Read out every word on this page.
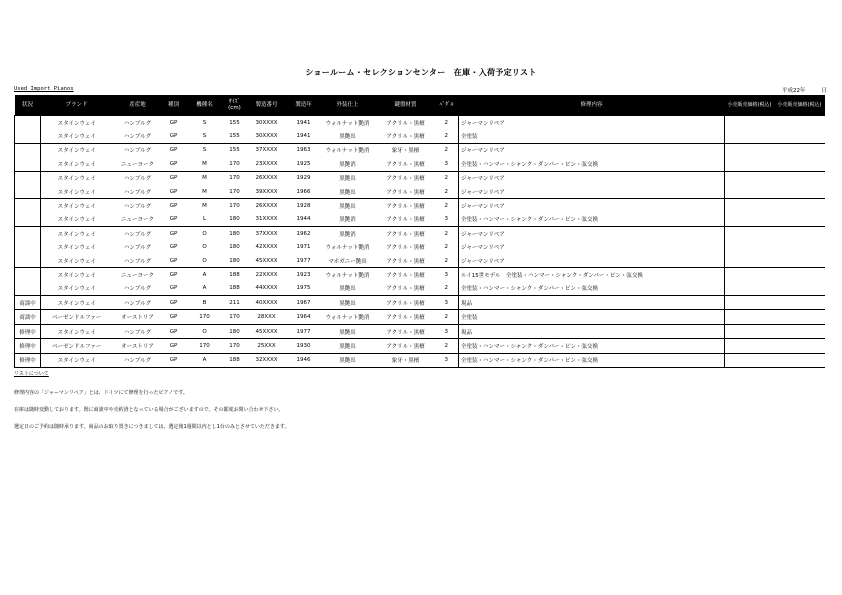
ショールーム・セレクションセンター　在庫・入荷予定リスト
Used Import Pianos	平成22年	日
状況	ブランド	産産地	種別	機種名	ｻｲｽﾞ(cm)	製造番号	製造年	外装仕上	鍵盤材質	ﾍﾟﾀﾞﾙ	修理内容	小売販売価格(税込)	小売販売価格(税込)
	スタインウェイ	ハンブルグ	GP	S	155	30XXXX	1941	ウォルナット艶消	アクリル・黒檀	2	ジャーマンリペア		
	スタインウェイ	ハンブルグ	GP	S	155	30XXXX	1941	黒艶出	アクリル・黒檀	2	全塗装		
	スタインウェイ	ハンブルグ	GP	S	155	37XXXX	1963	ウォルナット艶消	象牙・黒檀	2	ジャーマンリペア		
	スタインウェイ	ニューヨーク	GP	M	170	23XXXX	1925	黒艶消	アクリル・黒檀	3	全塗装・ハンマー・シャンク・ダンパー・ピン・弦交換		
	スタインウェイ	ハンブルグ	GP	M	170	26XXXX	1929	黒艶出	アクリル・黒檀	2	ジャーマンリペア		
	スタインウェイ	ハンブルグ	GP	M	170	39XXXX	1966	黒艶出	アクリル・黒檀	2	ジャーマンリペア		
	スタインウェイ	ハンブルグ	GP	M	170	26XXXX	1928	黒艶出	アクリル・黒檀	2	ジャーマンリペア		
	スタインウェイ	ニューヨーク	GP	L	180	31XXXX	1944	黒艶消	アクリル・黒檀	3	全塗装・ハンマー・シャンク・ダンパー・ピン・弦交換		
	スタインウェイ	ハンブルグ	GP	O	180	37XXXX	1962	黒艶消	アクリル・黒檀	2	ジャーマンリペア		
	スタインウェイ	ハンブルグ	GP	O	180	42XXXX	1971	ウォルナット艶消	アクリル・黒檀	2	ジャーマンリペア		
	スタインウェイ	ハンブルグ	GP	O	180	45XXXX	1977	マホガニー艶出	アクリル・黒檀	2	ジャーマンリペア		
	スタインウェイ	ニューヨーク	GP	A	188	22XXXX	1923	ウォルナット艶消	アクリル・黒檀	3	ルイ15世モデル　全塗装・ハンマー・シャンク・ダンパー・ピン・弦交換		
	スタインウェイ	ハンブルグ	GP	A	188	44XXXX	1975	黒艶出	アクリル・黒檀	2	全塗装・ハンマー・シャンク・ダンパー・ピン・弦交換		
商談中	スタインウェイ	ハンブルグ	GP	B	211	40XXXX	1967	黒艶出	アクリル・黒檀	3	現品		
商談中	ベーゼンドルファー	オーストリア	GP	170	170	28XXX	1964	ウォルナット艶消	アクリル・黒檀	2	全塗装		
修理中	スタインウェイ	ハンブルグ	GP	O	180	45XXXX	1977	黒艶出	アクリル・黒檀	3	現品		
修理中	ベーゼンドルファー	オーストリア	GP	170	170	25XXX	1930	黒艶出	アクリル・黒檀	2	全塗装・ハンマー・シャンク・ダンパー・ピン・弦交換		
修理中	スタインウェイ	ハンブルグ	GP	A	188	32XXXX	1946	黒艶出	象牙・黒檀	3	全塗装・ハンマー・シャンク・ダンパー・ピン・弦交換		
リストについて
修理内容の「ジャーマンリペア」とは、ドイツにて修理を行ったピアノです。
在庫は随時変動しております。既に商談中や売約済となっている場合がございますので、その都度お問い合わせ下さい。
選定日のご予約は随時承ります。商品のお取り置きにつきましては、選定後1週間以内とし1台のみとさせていただきます。
